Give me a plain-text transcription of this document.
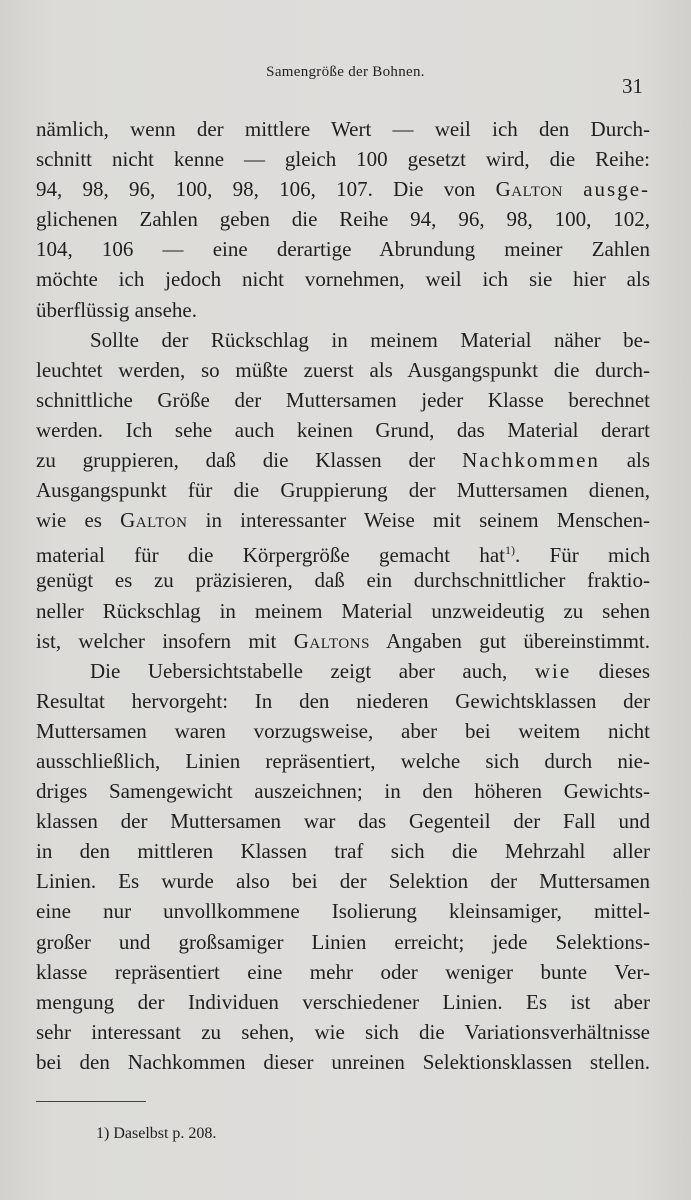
Samengröße der Bohnen.
31
nämlich, wenn der mittlere Wert — weil ich den Durch-
schnitt nicht kenne — gleich 100 gesetzt wird, die Reihe:
94, 98, 96, 100, 98, 106, 107. Die von Galton ausge-
glichenen Zahlen geben die Reihe 94, 96, 98, 100, 102,
104, 106 — eine derartige Abrundung meiner Zahlen
möchte ich jedoch nicht vornehmen, weil ich sie hier als
überflüssig ansehe.
Sollte der Rückschlag in meinem Material näher be-
leuchtet werden, so müßte zuerst als Ausgangspunkt die durch-
schnittliche Größe der Muttersamen jeder Klasse berechnet
werden. Ich sehe auch keinen Grund, das Material derart
zu gruppieren, daß die Klassen der Nachkommen als
Ausgangspunkt für die Gruppierung der Muttersamen dienen,
wie es Galton in interessanter Weise mit seinem Menschen-
material für die Körpergröße gemacht hat$^{1)}$. Für mich
genügt es zu präzisieren, daß ein durchschnittlicher fraktio-
neller Rückschlag in meinem Material unzweideutig zu sehen
ist, welcher insofern mit Galtons Angaben gut übereinstimmt.
Die Uebersichtstabelle zeigt aber auch, wie dieses
Resultat hervorgeht: In den niederen Gewichtsklassen der
Muttersamen waren vorzugsweise, aber bei weitem nicht
ausschließlich, Linien repräsentiert, welche sich durch nie-
driges Samengewicht auszeichnen; in den höheren Gewichts-
klassen der Muttersamen war das Gegenteil der Fall und
in den mittleren Klassen traf sich die Mehrzahl aller
Linien. Es wurde also bei der Selektion der Muttersamen
eine nur unvollkommene Isolierung kleinsamiger, mittel-
großer und großsamiger Linien erreicht; jede Selektions-
klasse repräsentiert eine mehr oder weniger bunte Ver-
mengung der Individuen verschiedener Linien. Es ist aber
sehr interessant zu sehen, wie sich die Variationsverhältnisse
bei den Nachkommen dieser unreinen Selektionsklassen stellen.
1) Daselbst p. 208.
